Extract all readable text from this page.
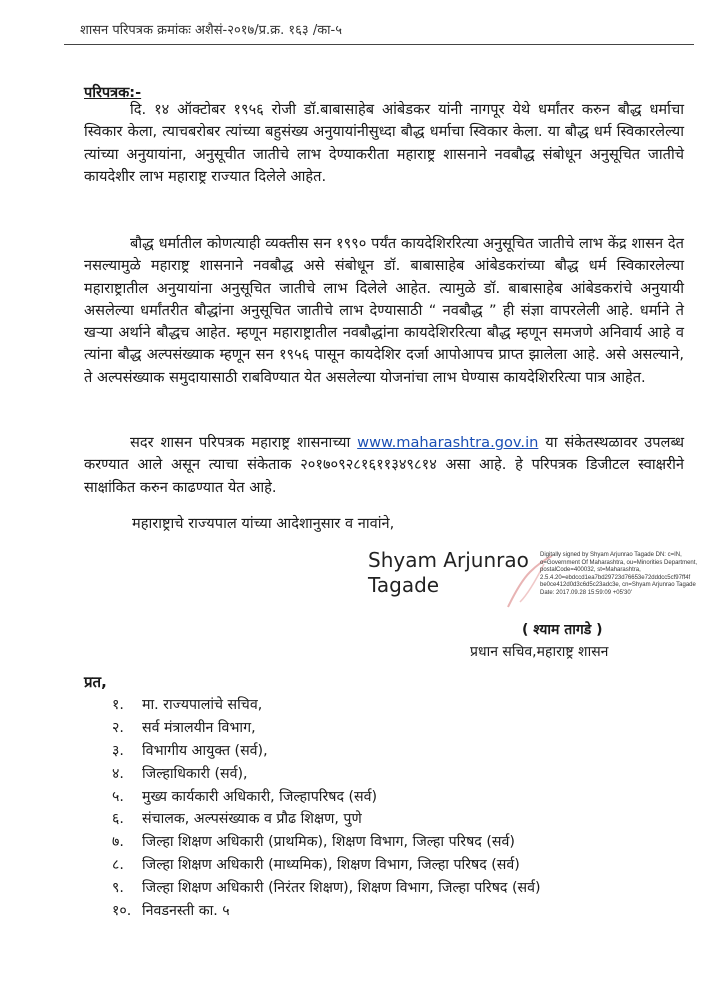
शासन परिपत्रक क्रमांकः अशैसं-२०१७/प्र.क्र. १६३ /का-५
परिपत्रक:-
दि. १४ ऑक्टोबर १९५६ रोजी डॉ.बाबासाहेब आंबेडकर यांनी नागपूर येथे धर्मांतर करुन बौद्ध धर्माचा स्विकार केला, त्याचबरोबर त्यांच्या बहुसंख्य अनुयायांनीसुध्दा बौद्ध धर्माचा स्विकार केला. या बौद्ध धर्म स्विकारलेल्या त्यांच्या अनुयायांना, अनुसूचीत जातीचे लाभ देण्याकरीता महाराष्ट्र शासनाने नवबौद्ध संबोधून अनुसूचित जातीचे कायदेशीर लाभ महाराष्ट्र राज्यात दिलेले आहेत.
बौद्ध धर्मातील कोणत्याही व्यक्तीस सन १९९० पर्यंत कायदेशिररित्या अनुसूचित जातीचे लाभ केंद्र शासन देत नसल्यामुळे महाराष्ट्र शासनाने नवबौद्ध असे संबोधून डॉ. बाबासाहेब आंबेडकरांच्या बौद्ध धर्म स्विकारलेल्या महाराष्ट्रातील अनुयायांना अनुसूचित जातीचे लाभ दिलेले आहेत. त्यामुळे डॉ. बाबासाहेब आंबेडकरांचे अनुयायी असलेल्या धर्मांतरीत बौद्धांना अनुसूचित जातीचे लाभ देण्यासाठी “ नवबौद्ध ” ही संज्ञा वापरलेली आहे. धर्माने ते खऱ्या अर्थाने बौद्धच आहेत. म्हणून महाराष्ट्रातील नवबौद्धांना कायदेशिररित्या बौद्ध म्हणून समजणे अनिवार्य आहे व त्यांना बौद्ध अल्पसंख्याक म्हणून सन १९५६ पासून कायदेशिर दर्जा आपोआपच प्राप्त झालेला आहे. असे असल्याने, ते अल्पसंख्याक समुदायासाठी राबविण्यात येत असलेल्या योजनांचा लाभ घेण्यास कायदेशिररित्या पात्र आहेत.
सदर शासन परिपत्रक महाराष्ट्र शासनाच्या www.maharashtra.gov.in या संकेतस्थळावर उपलब्ध करण्यात आले असून त्याचा संकेताक २०१७०९२८१६११३४९८१४ असा आहे. हे परिपत्रक डिजीटल स्वाक्षरीने साक्षांकित करुन काढण्यात येत आहे.
महाराष्ट्राचे राज्यपाल यांच्या आदेशानुसार व नावांने,
Shyam Arjunrao
Tagade
Digitally signed by Shyam Arjunrao Tagade DN: c=IN, o=Government Of Maharashtra, ou=Minorities Department, postalCode=400032, st=Maharashtra, 2.5.4.20=ebdccd1ea7bd29723d76653e72dddcc5cf97ff4f be0ce412d0d3c6d5c23adc3e, cn=Shyam Arjunrao Tagade Date: 2017.09.28 15:59:09 +05'30'
( श्याम तागडे )
प्रधान सचिव,महाराष्ट्र शासन
प्रत,
१. मा. राज्यपालांचे सचिव,
२. सर्व मंत्रालयीन विभाग,
३. विभागीय आयुक्त (सर्व),
४. जिल्हाधिकारी (सर्व),
५. मुख्य कार्यकारी अधिकारी, जिल्हापरिषद (सर्व)
६. संचालक, अल्पसंख्याक व प्रौढ शिक्षण, पुणे
७. जिल्हा शिक्षण अधिकारी (प्राथमिक), शिक्षण विभाग, जिल्हा परिषद (सर्व)
८. जिल्हा शिक्षण अधिकारी (माध्यमिक), शिक्षण विभाग, जिल्हा परिषद (सर्व)
९. जिल्हा शिक्षण अधिकारी (निरंतर शिक्षण), शिक्षण विभाग, जिल्हा परिषद (सर्व)
१०. निवडनस्ती का. ५
